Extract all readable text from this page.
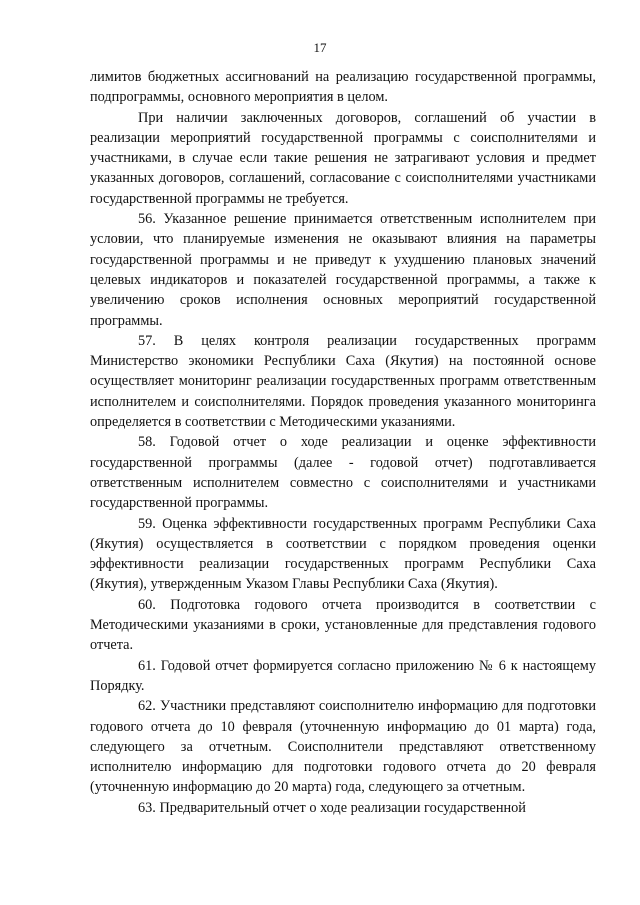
17

лимитов бюджетных ассигнований на реализацию государственной программы, подпрограммы, основного мероприятия в целом.

При наличии заключенных договоров, соглашений об участии в реализации мероприятий государственной программы с соисполнителями и участниками, в случае если такие решения не затрагивают условия и предмет указанных договоров, соглашений, согласование с соисполнителями участниками государственной программы не требуется.

56. Указанное решение принимается ответственным исполнителем при условии, что планируемые изменения не оказывают влияния на параметры государственной программы и не приведут к ухудшению плановых значений целевых индикаторов и показателей государственной программы, а также к увеличению сроков исполнения основных мероприятий государственной программы.

57. В целях контроля реализации государственных программ Министерство экономики Республики Саха (Якутия) на постоянной основе осуществляет мониторинг реализации государственных программ ответственным исполнителем и соисполнителями. Порядок проведения указанного мониторинга определяется в соответствии с Методическими указаниями.

58. Годовой отчет о ходе реализации и оценке эффективности государственной программы (далее - годовой отчет) подготавливается ответственным исполнителем совместно с соисполнителями и участниками государственной программы.

59. Оценка эффективности государственных программ Республики Саха (Якутия) осуществляется в соответствии с порядком проведения оценки эффективности реализации государственных программ Республики Саха (Якутия), утвержденным Указом Главы Республики Саха (Якутия).

60. Подготовка годового отчета производится в соответствии с Методическими указаниями в сроки, установленные для представления годового отчета.

61. Годовой отчет формируется согласно приложению № 6 к настоящему Порядку.

62. Участники представляют соисполнителю информацию для подготовки годового отчета до 10 февраля (уточненную информацию до 01 марта) года, следующего за отчетным. Соисполнители представляют ответственному исполнителю информацию для подготовки годового отчета до 20 февраля (уточненную информацию до 20 марта) года, следующего за отчетным.

63. Предварительный отчет о ходе реализации государственной
